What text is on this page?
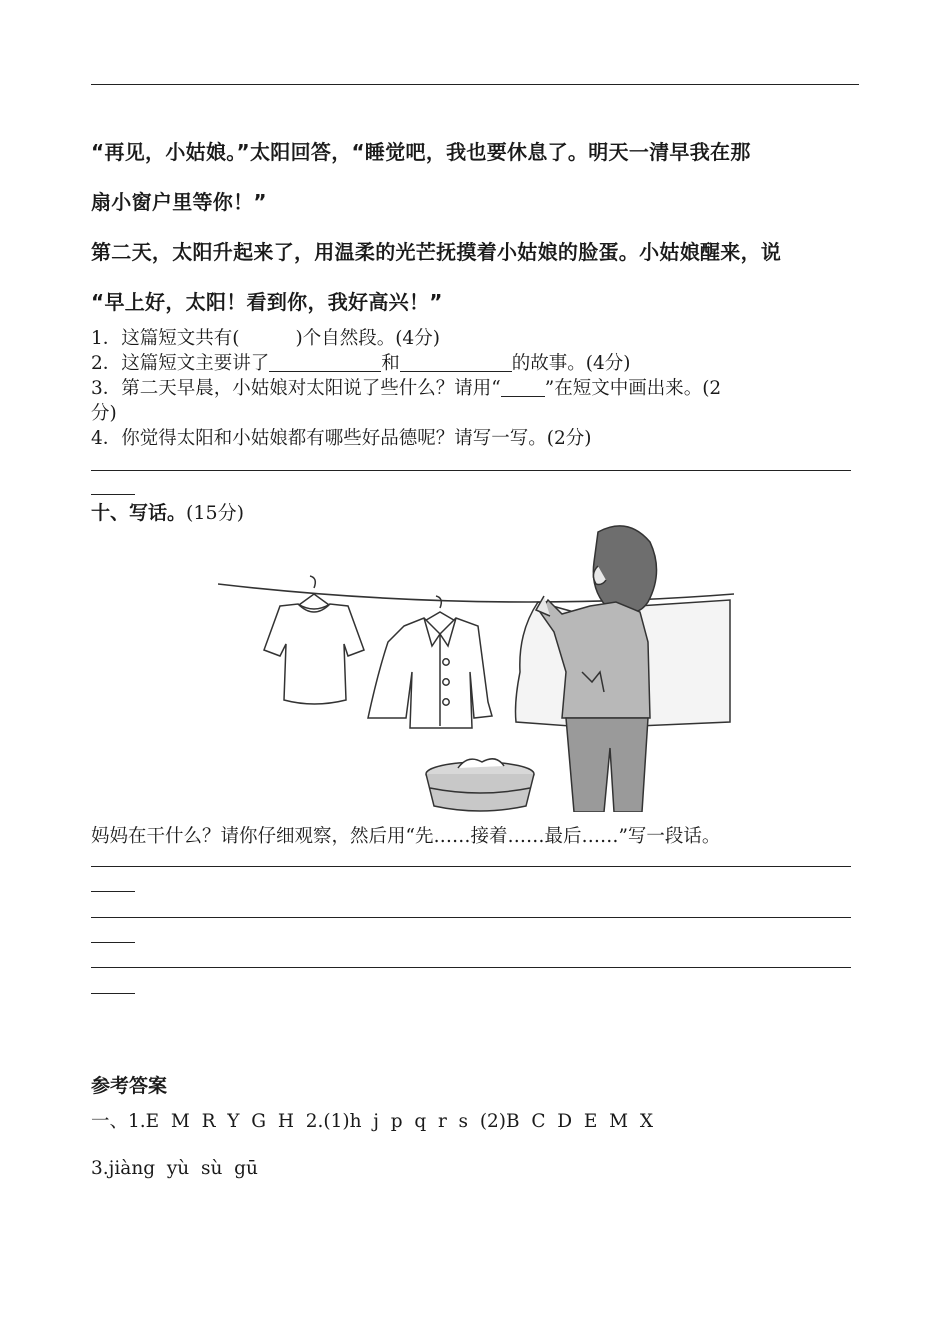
“再见，小姑娘。”太阳回答，“睡觉吧，我也要休息了。明天一清早我在那
扇小窗户里等你！”
第二天，太阳升起来了，用温柔的光芒抚摸着小姑娘的脸蛋。小姑娘醒来，说
“早上好，太阳！看到你，我好高兴！”
1．这篇短文共有(	)个自然段。(4分)
2．这篇短文主要讲了	和	的故事。(4分)
3．第二天早晨，小姑娘对太阳说了些什么？请用“ ”在短文中画出来。(2
分)
4．你觉得太阳和小姑娘都有哪些好品德呢？请写一写。(2分)
十、写话。(15分)
妈妈在干什么？请你仔细观察，然后用“先……接着……最后……”写一段话。
参考答案
一、1.E  M  R  Y  G  H  2.(1)h  j  p  q  r  s  (2)B  C  D  E  M  X
3.jiàng  yù  sù  gū
